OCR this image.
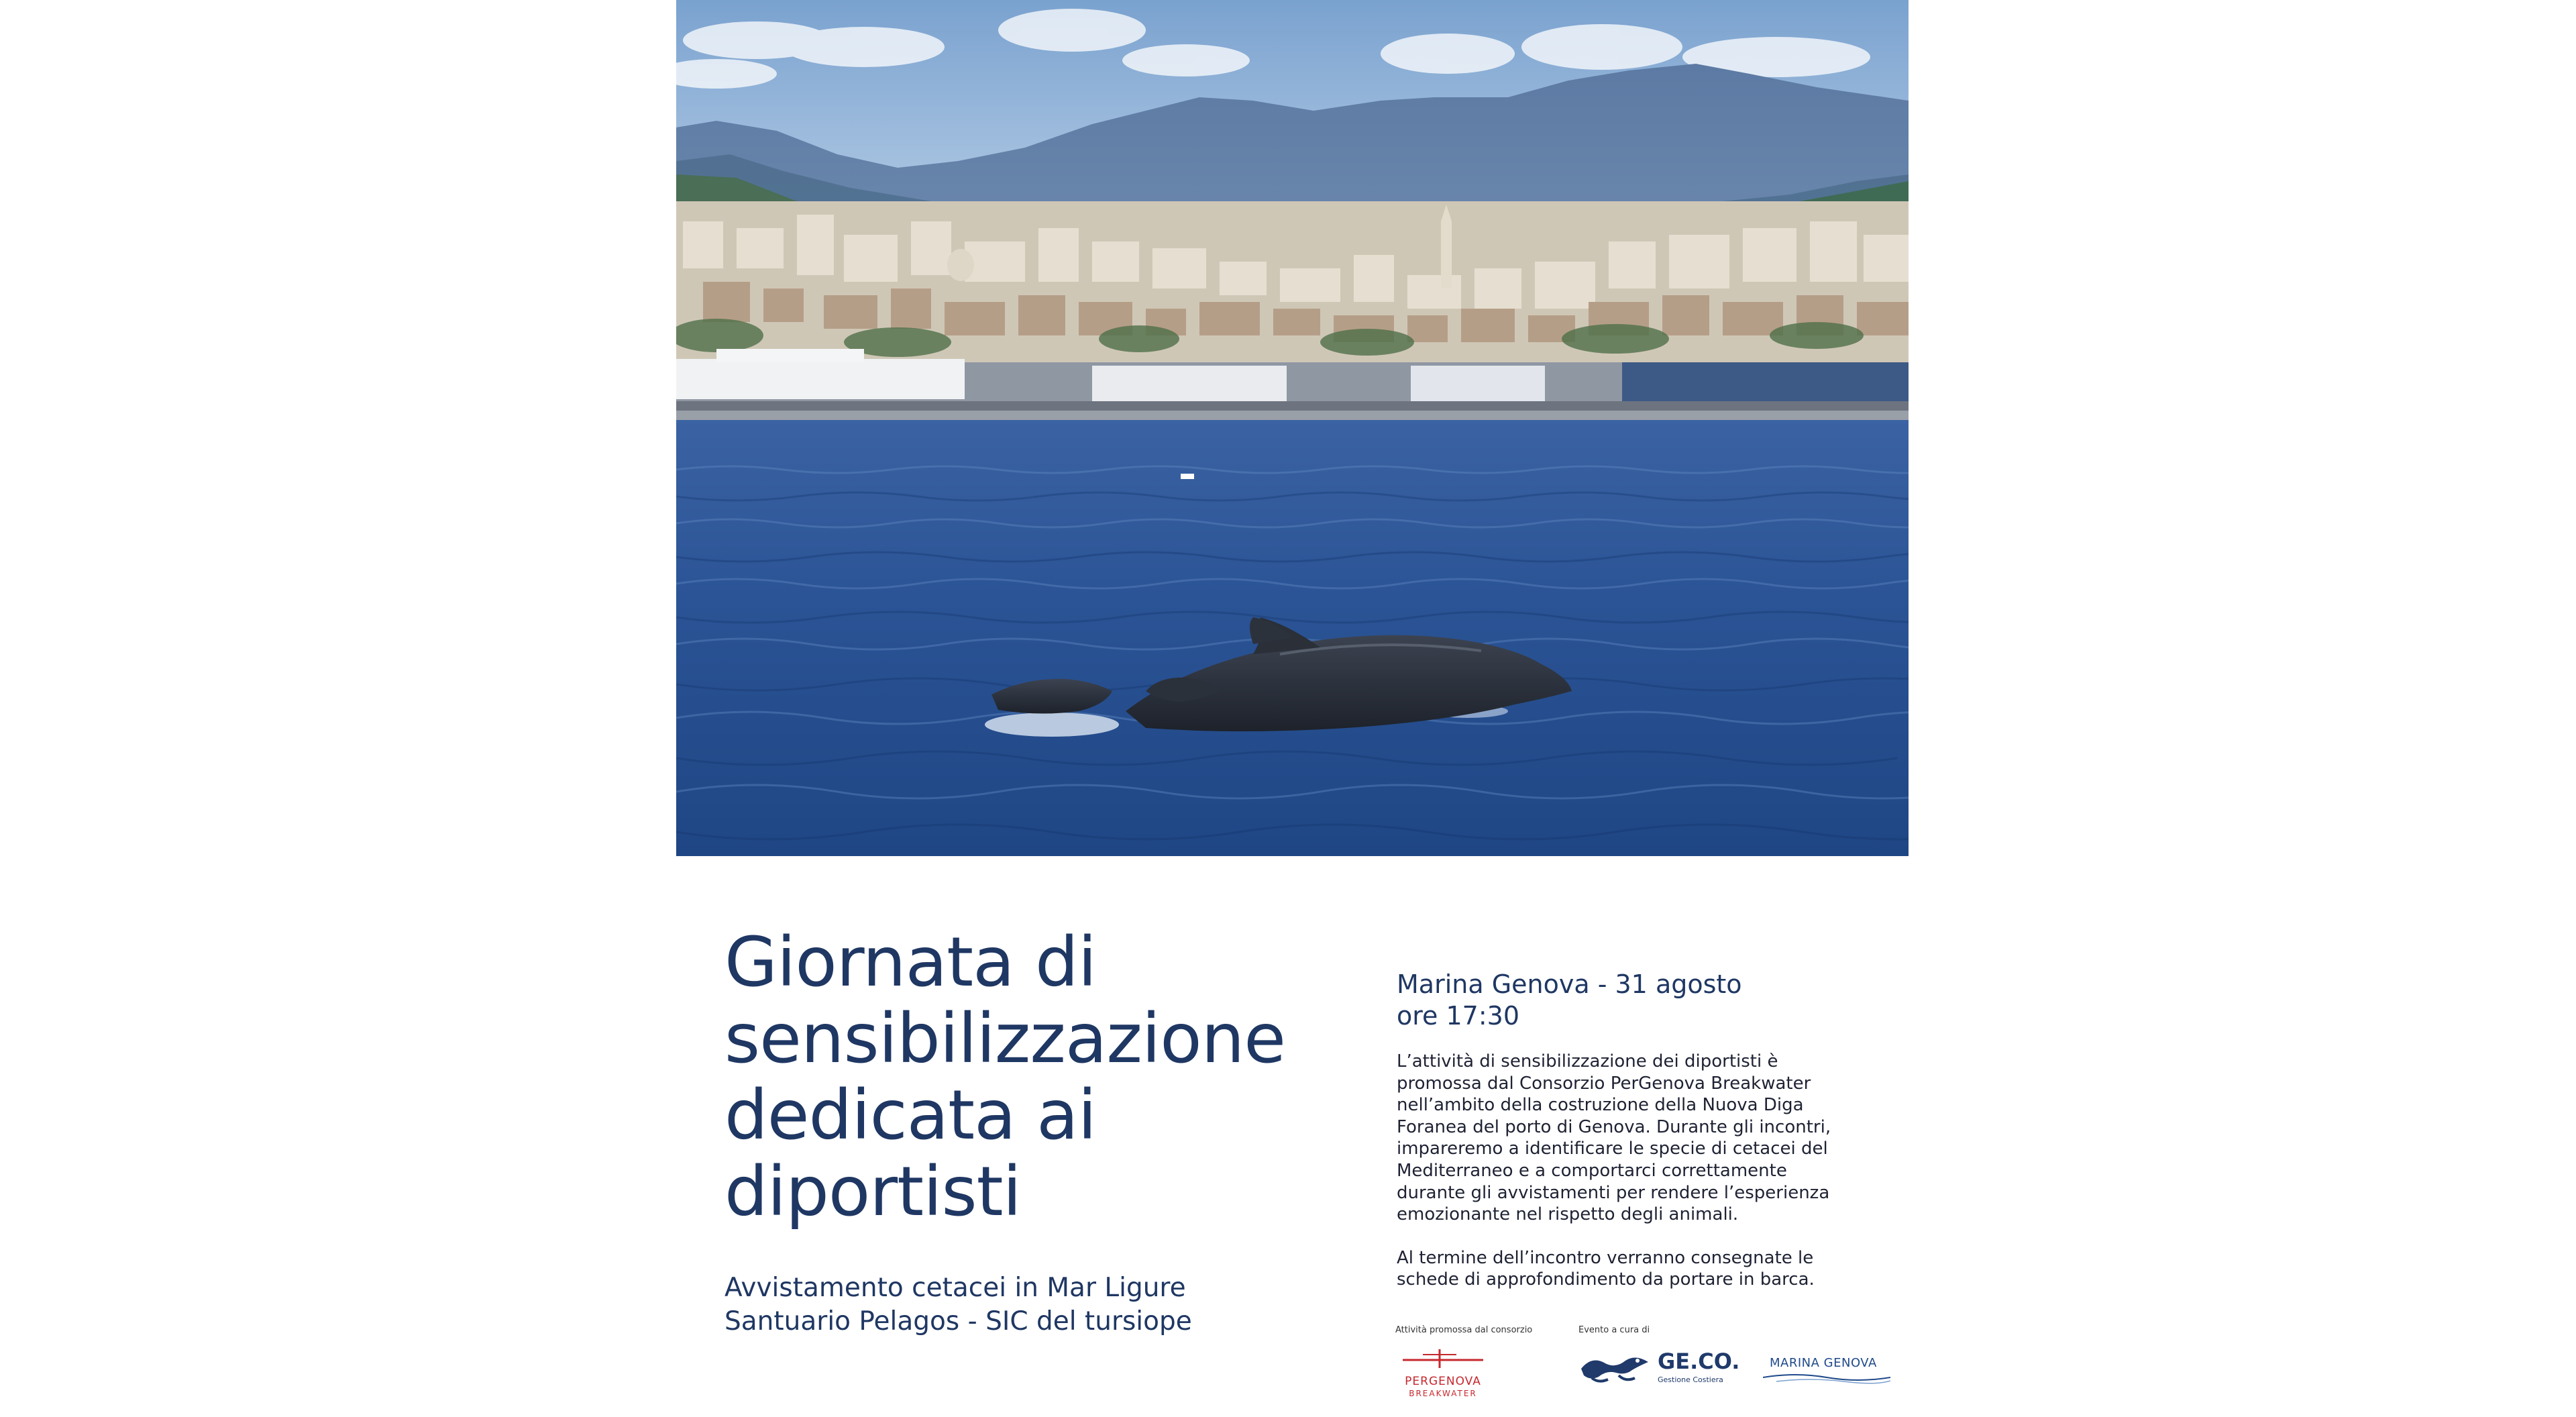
Giornata di
sensibilizzazione
dedicata ai
diportisti
Avvistamento cetacei in Mar Ligure
Santuario Pelagos - SIC del tursiope
Marina Genova - 31 agosto
ore 17:30
L’attività di sensibilizzazione dei diportisti è
promossa dal Consorzio PerGenova Breakwater
nell’ambito della costruzione della Nuova Diga
Foranea del porto di Genova. Durante gli incontri,
impareremo a identificare le specie di cetacei del
Mediterraneo e a comportarci correttamente
durante gli avvistamenti per rendere l’esperienza
emozionante nel rispetto degli animali.
Al termine dell’incontro verranno consegnate le
schede di approfondimento da portare in barca.
Attività promossa dal consorzio	Evento a cura di
PERGENOVA
BREAKWATER
GE.CO.
Gestione Costiera
MARINA GENOVA
